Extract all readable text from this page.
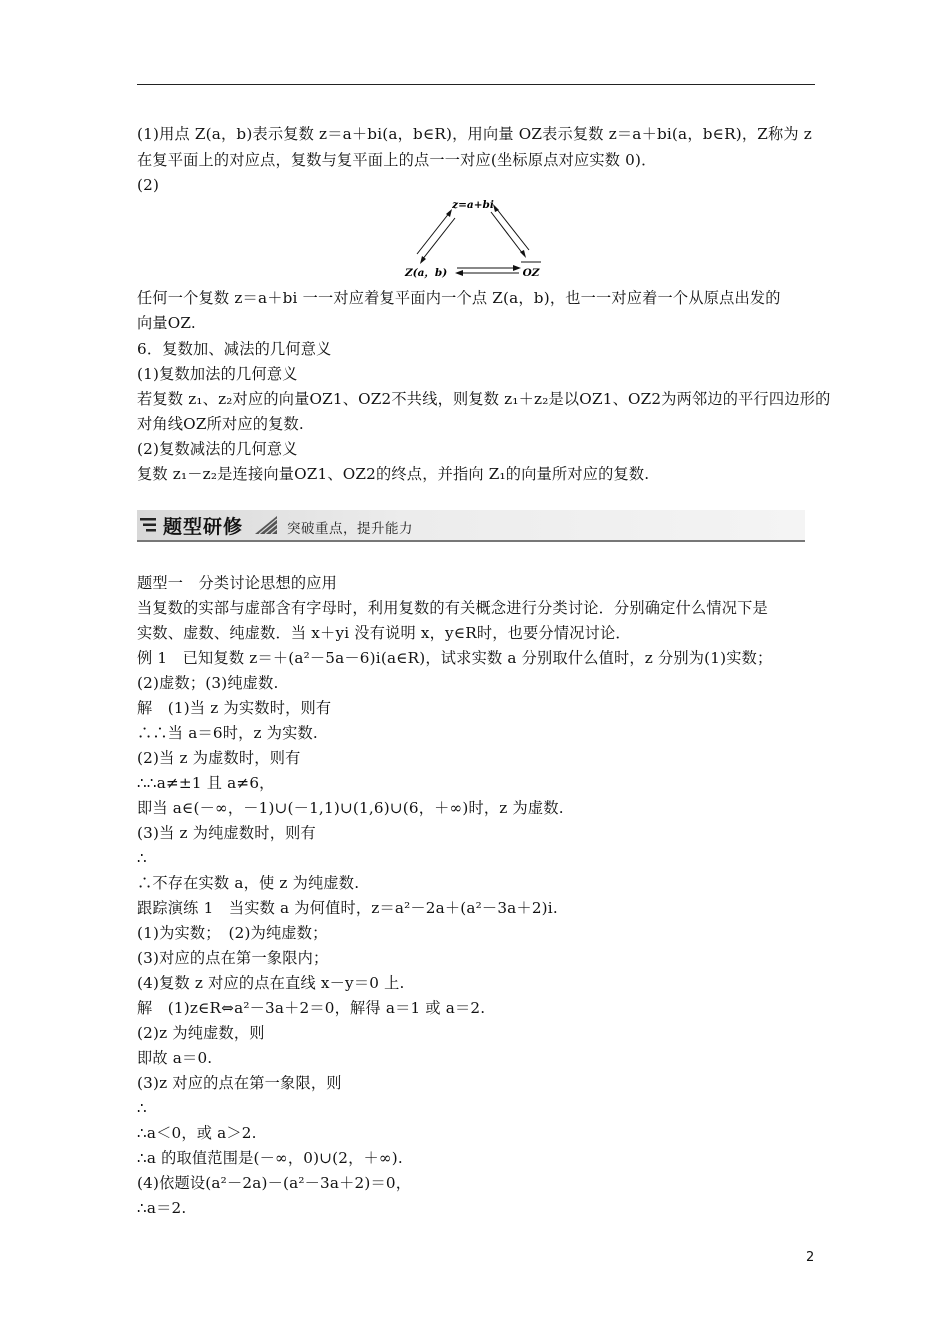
(1)用点 Z(a，b)表示复数 z＝a＋bi(a，b∈R)，用向量 OZ表示复数 z＝a＋bi(a，b∈R)，Z称为 z
在复平面上的对应点，复数与复平面上的点一一对应(坐标原点对应实数 0)．
(2)
z=a+bi
Z(a，b)	OZ
任何一个复数 z＝a＋bi 一一对应着复平面内一个点 Z(a，b)，也一一对应着一个从原点出发的
向量OZ.
6．复数加、减法的几何意义
(1)复数加法的几何意义
若复数 z₁、z₂对应的向量OZ1、OZ2不共线，则复数 z₁＋z₂是以OZ1、OZ2为两邻边的平行四边形的
对角线OZ所对应的复数.
(2)复数减法的几何意义
复数 z₁－z₂是连接向量OZ1、OZ2的终点，并指向 Z₁的向量所对应的复数.
题型研修	突破重点，提升能力
题型一　分类讨论思想的应用
当复数的实部与虚部含有字母时，利用复数的有关概念进行分类讨论．分别确定什么情况下是
实数、虚数、纯虚数．当 x＋yi 没有说明 x，y∈R时，也要分情况讨论．
例 1　已知复数 z＝＋(a²－5a－6)i(a∈R)，试求实数 a 分别取什么值时，z 分别为(1)实数；
(2)虚数；(3)纯虚数.
解　(1)当 z 为实数时，则有
∴∴当 a＝6时，z 为实数.
(2)当 z 为虚数时，则有
∴∴a≠±1 且 a≠6，
即当 a∈(－∞，－1)∪(－1,1)∪(1,6)∪(6，＋∞)时，z 为虚数.
(3)当 z 为纯虚数时，则有
∴
∴不存在实数 a，使 z 为纯虚数.
跟踪演练 1　当实数 a 为何值时，z＝a²－2a＋(a²－3a＋2)i.
(1)为实数；　(2)为纯虚数；
(3)对应的点在第一象限内；
(4)复数 z 对应的点在直线 x－y＝0 上.
解　(1)z∈R⇔a²－3a＋2＝0，解得 a＝1 或 a＝2.
(2)z 为纯虚数，则
即故 a＝0.
(3)z 对应的点在第一象限，则
∴
∴a＜0，或 a＞2.
∴a 的取值范围是(－∞，0)∪(2，＋∞).
(4)依题设(a²－2a)－(a²－3a＋2)＝0，
∴a＝2.
2
